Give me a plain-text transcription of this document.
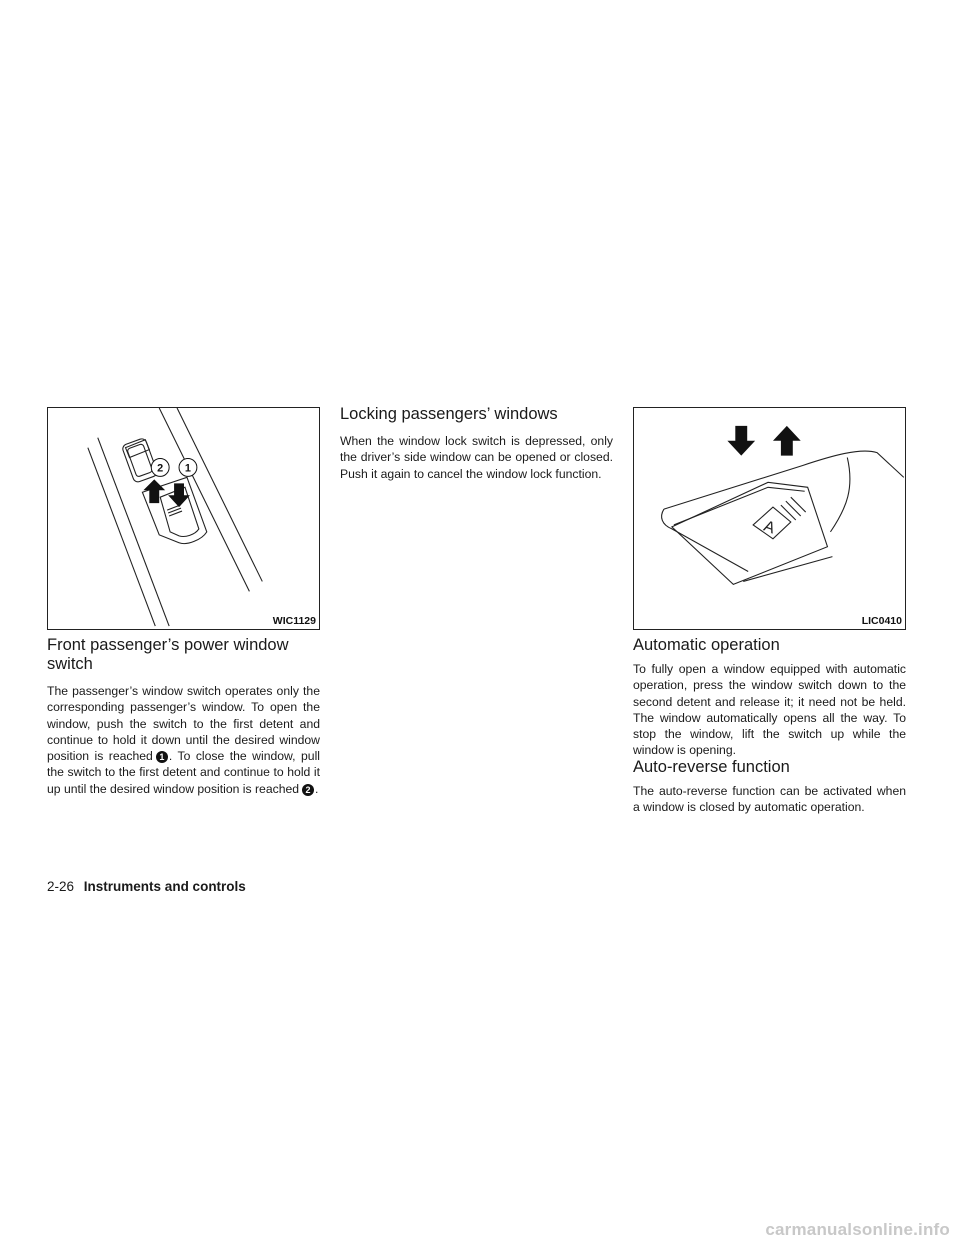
2 1
WIC1129
A
LIC0410
Front passenger’s power window switch

The passenger’s window switch operates only the corresponding passenger’s window. To open the window, push the switch to the first detent and continue to hold it down until the desired window position is reached 1 . To close the window, pull the switch to the first detent and continue to hold it up until the desired window position is reached 2 .

Locking passengers’ windows

When the window lock switch is depressed, only the driver’s side window can be opened or closed. Push it again to cancel the window lock function.

Automatic operation

To fully open a window equipped with automatic operation, press the window switch down to the second detent and release it; it need not be held. The window automatically opens all the way. To stop the window, lift the switch up while the window is opening.

Auto-reverse function

The auto-reverse function can be activated when a window is closed by automatic operation.

2-26 Instruments and controls
carmanualsonline.info
